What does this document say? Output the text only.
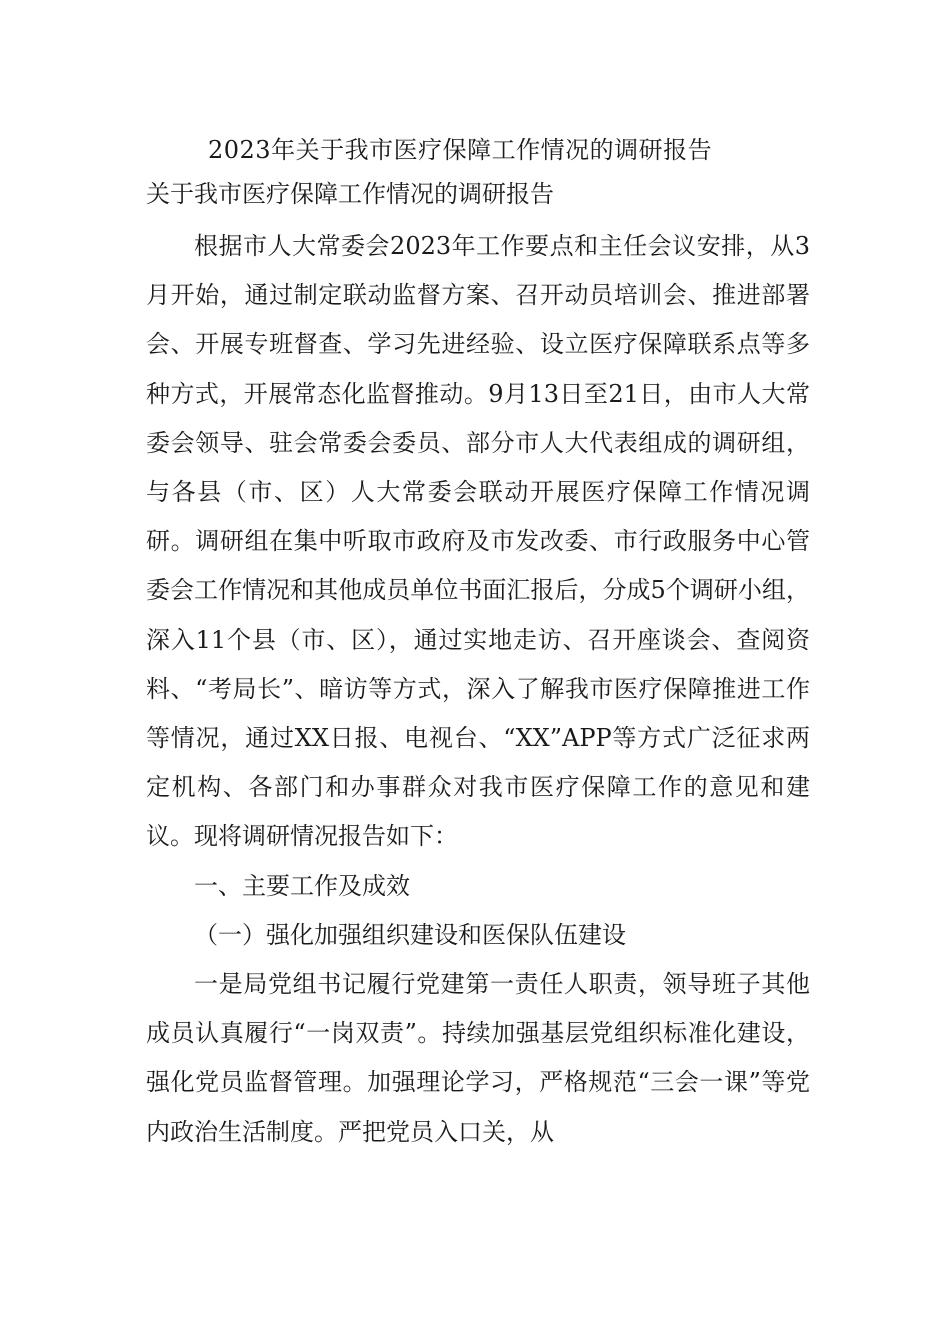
2023年关于我市医疗保障工作情况的调研报告
关于我市医疗保障工作情况的调研报告

根据市人大常委会2023年工作要点和主任会议安排，从3月开始，通过制定联动监督方案、召开动员培训会、推进部署会、开展专班督查、学习先进经验、设立医疗保障联系点等多种方式，开展常态化监督推动。9月13日至21日，由市人大常委会领导、驻会常委会委员、部分市人大代表组成的调研组，与各县（市、区）人大常委会联动开展医疗保障工作情况调研。调研组在集中听取市政府及市发改委、市行政服务中心管委会工作情况和其他成员单位书面汇报后，分成5个调研小组，深入11个县（市、区），通过实地走访、召开座谈会、查阅资料、“考局长”、暗访等方式，深入了解我市医疗保障推进工作等情况，通过XX日报、电视台、“XX”APP等方式广泛征求两定机构、各部门和办事群众对我市医疗保障工作的意见和建议。现将调研情况报告如下：

一、主要工作及成效

（一）强化加强组织建设和医保队伍建设

一是局党组书记履行党建第一责任人职责，领导班子其他成员认真履行“一岗双责”。持续加强基层党组织标准化建设，强化党员监督管理。加强理论学习，严格规范“三会一课”等党内政治生活制度。严把党员入口关，从
